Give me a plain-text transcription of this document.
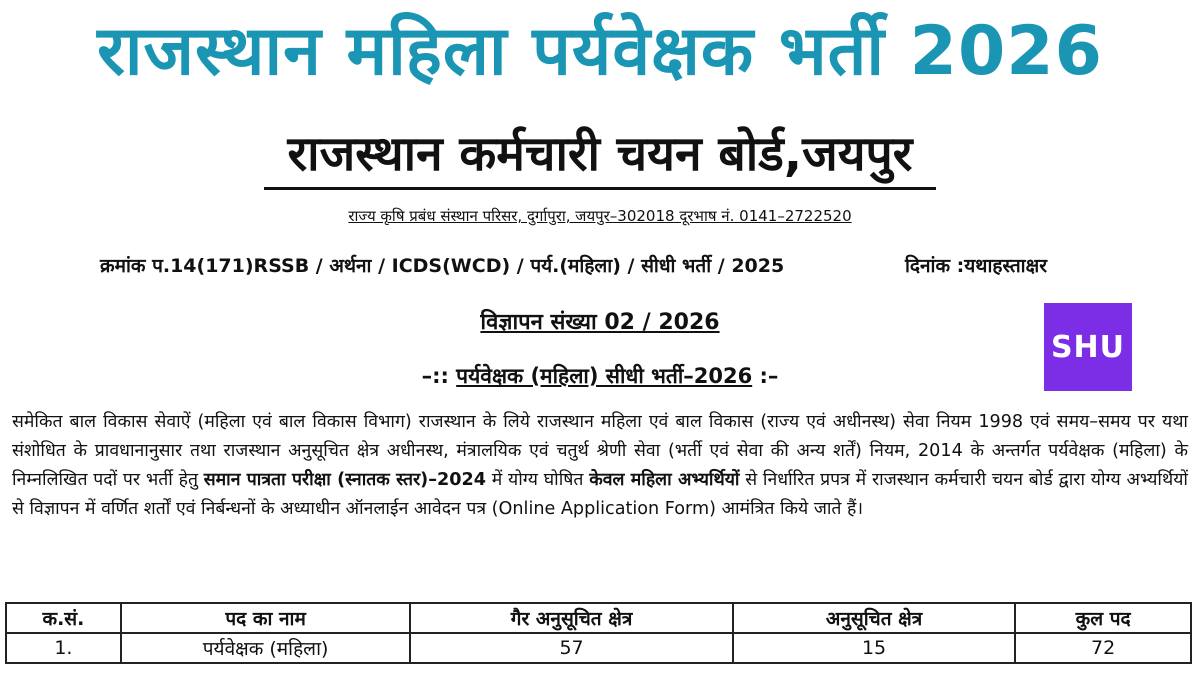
राजस्थान महिला पर्यवेक्षक भर्ती 2026
राजस्थान कर्मचारी चयन बोर्ड,जयपुर
राज्य कृषि प्रबंध संस्थान परिसर, दुर्गापुरा, जयपुर–302018 दूरभाष नं. 0141–2722520
क्रमांक प.14(171)RSSB / अर्थना / ICDS(WCD) / पर्य.(महिला) / सीधी भर्ती / 2025	दिनांक :यथाहस्ताक्षर
विज्ञापन संख्या 02 / 2026
–:: पर्यवेक्षक (महिला) सीधी भर्ती–2026 :–
SHU
समेकित बाल विकास सेवाऐं (महिला एवं बाल विकास विभाग) राजस्थान के लिये राजस्थान महिला एवं बाल विकास (राज्य एवं अधीनस्थ) सेवा नियम 1998 एवं समय–समय पर यथा संशोधित के प्रावधानानुसार तथा राजस्थान अनुसूचित क्षेत्र अधीनस्थ, मंत्रालयिक एवं चतुर्थ श्रेणी सेवा (भर्ती एवं सेवा की अन्य शर्तें) नियम, 2014 के अन्तर्गत पर्यवेक्षक (महिला) के निम्नलिखित पदों पर भर्ती हेतु समान पात्रता परीक्षा (स्नातक स्तर)–2024 में योग्य घोषित केवल महिला अभ्यर्थियों से निर्धारित प्रपत्र में राजस्थान कर्मचारी चयन बोर्ड द्वारा योग्य अभ्यर्थियों से विज्ञापन में वर्णित शर्तों एवं निर्बन्धनों के अध्याधीन ऑनलाईन आवेदन पत्र (Online Application Form) आमंत्रित किये जाते हैं।
क.सं.	पद का नाम	गैर अनुसूचित क्षेत्र	अनुसूचित क्षेत्र	कुल पद
1.	पर्यवेक्षक (महिला)	57	15	72
